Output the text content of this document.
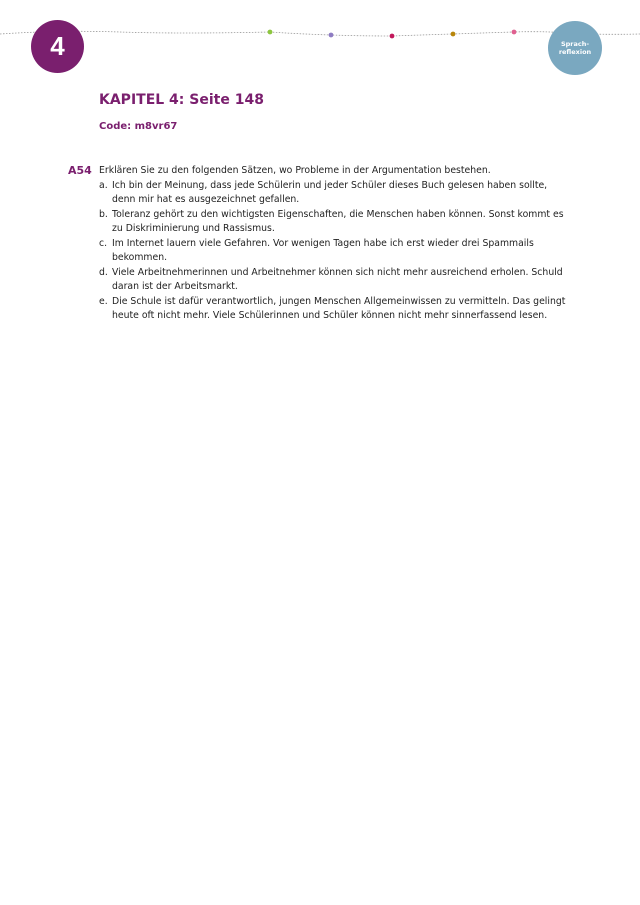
4	Sprach-
reflexion
KAPITEL 4: Seite 148
Code: m8vr67
A54 Erklären Sie zu den folgenden Sätzen, wo Probleme in der Argumentation bestehen.
a. Ich bin der Meinung, dass jede Schülerin und jeder Schüler dieses Buch gelesen haben sollte, denn mir hat es ausgezeichnet gefallen.
b. Toleranz gehört zu den wichtigsten Eigenschaften, die Menschen haben können. Sonst kommt es zu Diskriminierung und Rassismus.
c. Im Internet lauern viele Gefahren. Vor wenigen Tagen habe ich erst wieder drei Spammails bekommen.
d. Viele Arbeitnehmerinnen und Arbeitnehmer können sich nicht mehr ausreichend erholen. Schuld daran ist der Arbeitsmarkt.
e. Die Schule ist dafür verantwortlich, jungen Menschen Allgemeinwissen zu vermitteln. Das gelingt heute oft nicht mehr. Viele Schülerinnen und Schüler können nicht mehr sinnerfassend lesen.
